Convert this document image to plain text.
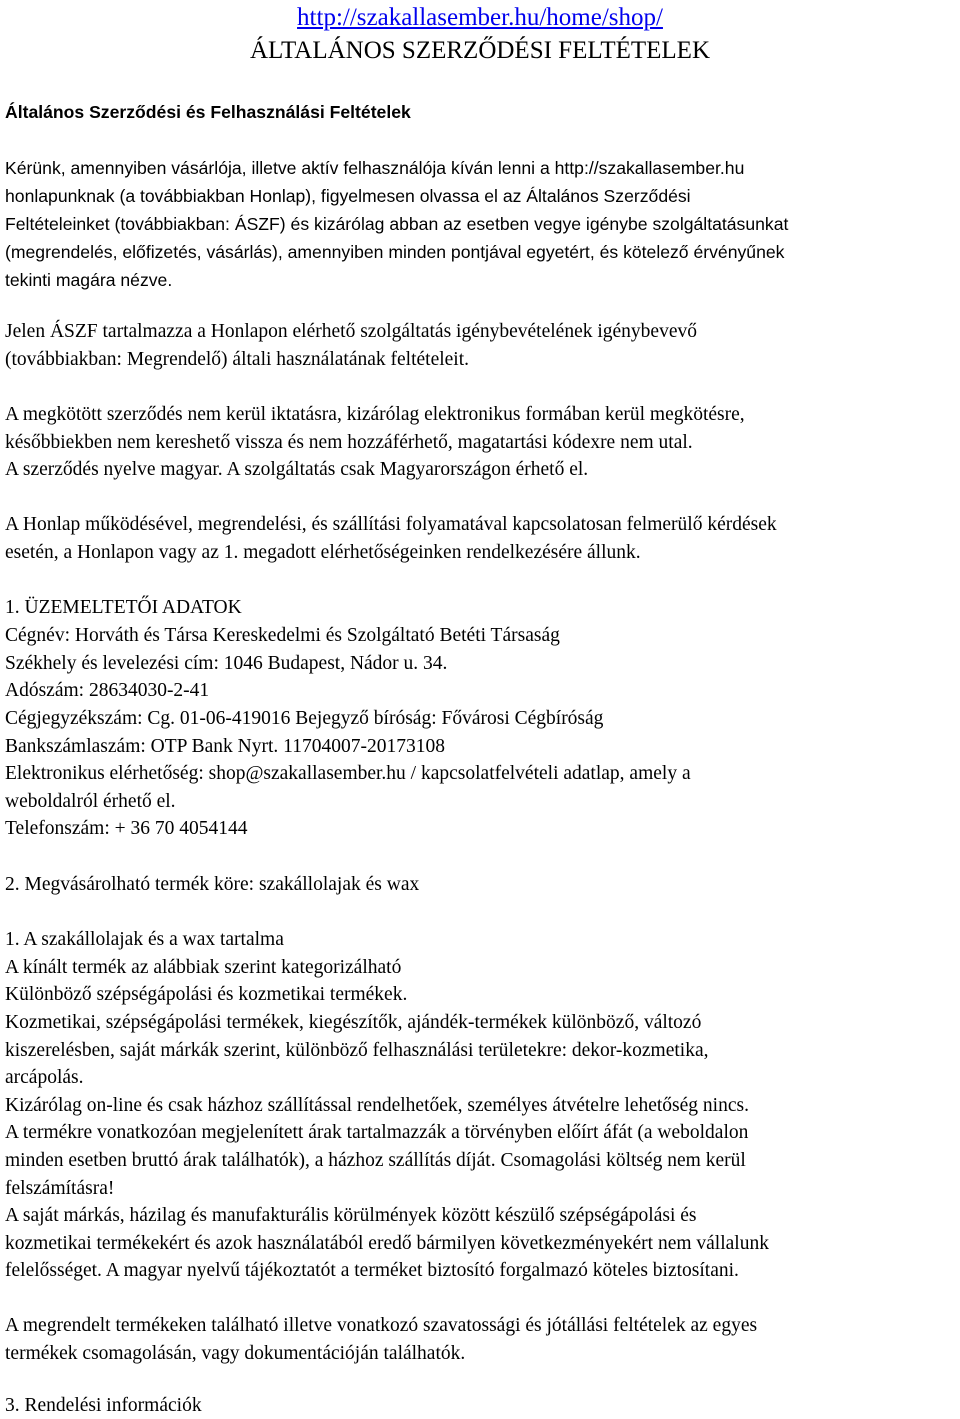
http://szakallasember.hu/home/shop/
ÁLTALÁNOS SZERZŐDÉSI FELTÉTELEK
Általános Szerződési és Felhasználási Feltételek
Kérünk, amennyiben vásárlója, illetve aktív felhasználója kíván lenni a http://szakallasember.hu
honlapunknak (a továbbiakban Honlap), figyelmesen olvassa el az Általános Szerződési
Feltételeinket (továbbiakban: ÁSZF) és kizárólag abban az esetben vegye igénybe szolgáltatásunkat
(megrendelés, előfizetés, vásárlás), amennyiben minden pontjával egyetért, és kötelező érvényűnek
tekinti magára nézve.
Jelen ÁSZF tartalmazza a Honlapon elérhető szolgáltatás igénybevételének igénybevevő
(továbbiakban: Megrendelő) általi használatának feltételeit.
A megkötött szerződés nem kerül iktatásra, kizárólag elektronikus formában kerül megkötésre,
későbbiekben nem kereshető vissza és nem hozzáférhető, magatartási kódexre nem utal.
A szerződés nyelve magyar. A szolgáltatás csak Magyarországon érhető el.
A Honlap működésével, megrendelési, és szállítási folyamatával kapcsolatosan felmerülő kérdések
esetén, a Honlapon vagy az 1. megadott elérhetőségeinken rendelkezésére állunk.
1. ÜZEMELTETŐI ADATOK
Cégnév: Horváth és Társa Kereskedelmi és Szolgáltató Betéti Társaság
Székhely és levelezési cím: 1046 Budapest, Nádor u. 34.
Adószám: 28634030-2-41
Cégjegyzékszám: Cg. 01-06-419016 Bejegyző bíróság: Fővárosi Cégbíróság
Bankszámlaszám: OTP Bank Nyrt. 11704007-20173108
Elektronikus elérhetőség: shop@szakallasember.hu / kapcsolatfelvételi adatlap, amely a
weboldalról érhető el.
Telefonszám: + 36 70 4054144
2. Megvásárolható termék köre: szakállolajak és wax
1. A szakállolajak és a wax tartalma
A kínált termék az alábbiak szerint kategorizálható
Különböző szépségápolási és kozmetikai termékek.
Kozmetikai, szépségápolási termékek, kiegészítők, ajándék-termékek különböző, változó
kiszerelésben, saját márkák szerint, különböző felhasználási területekre: dekor-kozmetika,
arcápolás.
Kizárólag on-line és csak házhoz szállítással rendelhetőek, személyes átvételre lehetőség nincs.
A termékre vonatkozóan megjelenített árak tartalmazzák a törvényben előírt áfát (a weboldalon
minden esetben bruttó árak találhatók), a házhoz szállítás díját. Csomagolási költség nem kerül
felszámításra!
A saját márkás, házilag és manufakturális körülmények között készülő szépségápolási és
kozmetikai termékekért és azok használatából eredő bármilyen következményekért nem vállalunk
felelősséget. A magyar nyelvű tájékoztatót a terméket biztosító forgalmazó köteles biztosítani.
A megrendelt termékeken található illetve vonatkozó szavatossági és jótállási feltételek az egyes
termékek csomagolásán, vagy dokumentációján találhatók.
3. Rendelési információk
